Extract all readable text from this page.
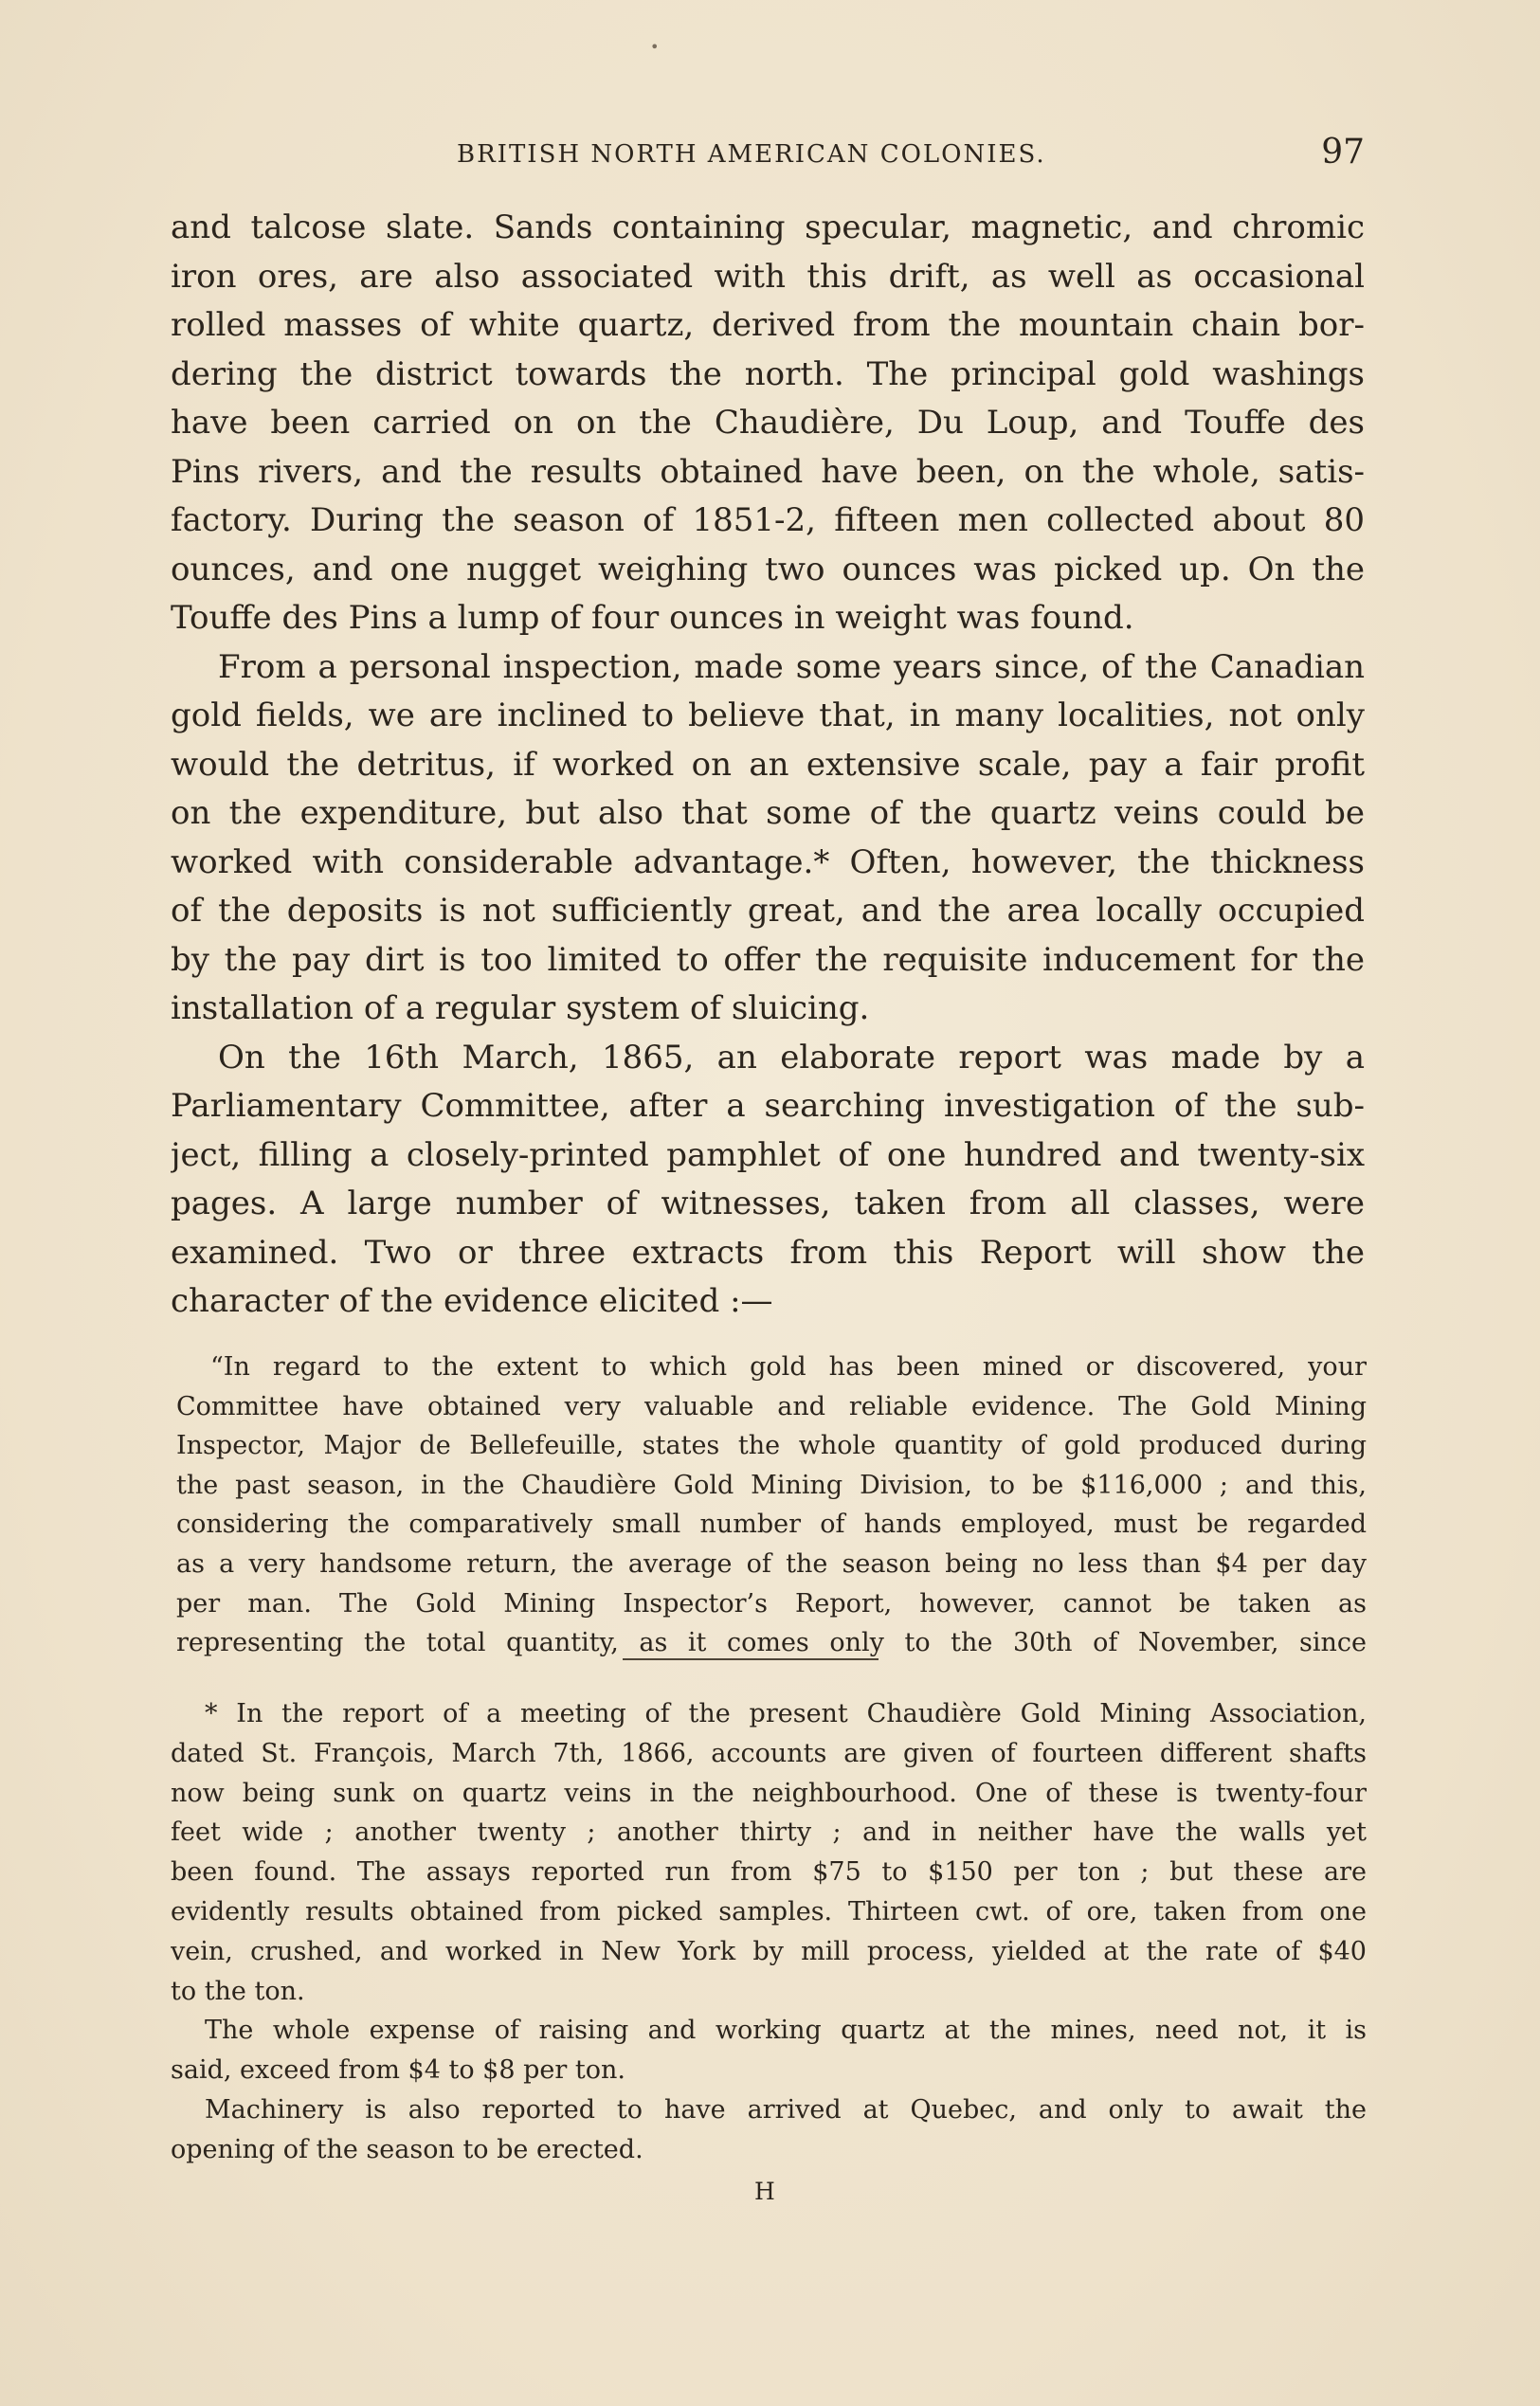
•
BRITISH NORTH AMERICAN COLONIES.	97
and talcose slate. Sands containing specular, magnetic, and chromic
iron ores, are also associated with this drift, as well as occasional
rolled masses of white quartz, derived from the mountain chain bor-
dering the district towards the north. The principal gold washings
have been carried on on the Chaudière, Du Loup, and Touffe des
Pins rivers, and the results obtained have been, on the whole, satis-
factory. During the season of 1851-2, fifteen men collected about 80
ounces, and one nugget weighing two ounces was picked up. On the
Touffe des Pins a lump of four ounces in weight was found.
From a personal inspection, made some years since, of the Canadian
gold fields, we are inclined to believe that, in many localities, not only
would the detritus, if worked on an extensive scale, pay a fair profit
on the expenditure, but also that some of the quartz veins could be
worked with considerable advantage.* Often, however, the thickness
of the deposits is not sufficiently great, and the area locally occupied
by the pay dirt is too limited to offer the requisite inducement for the
installation of a regular system of sluicing.
On the 16th March, 1865, an elaborate report was made by a
Parliamentary Committee, after a searching investigation of the sub-
ject, filling a closely-printed pamphlet of one hundred and twenty-six
pages. A large number of witnesses, taken from all classes, were
examined. Two or three extracts from this Report will show the
character of the evidence elicited :—
“In regard to the extent to which gold has been mined or discovered, your
Committee have obtained very valuable and reliable evidence. The Gold Mining
Inspector, Major de Bellefeuille, states the whole quantity of gold produced during
the past season, in the Chaudière Gold Mining Division, to be $116,000 ; and this,
considering the comparatively small number of hands employed, must be regarded
as a very handsome return, the average of the season being no less than $4 per day
per man. The Gold Mining Inspector’s Report, however, cannot be taken as
representing the total quantity, as it comes only to the 30th of November, since
* In the report of a meeting of the present Chaudière Gold Mining Association,
dated St. François, March 7th, 1866, accounts are given of fourteen different shafts
now being sunk on quartz veins in the neighbourhood. One of these is twenty-four
feet wide ; another twenty ; another thirty ; and in neither have the walls yet
been found. The assays reported run from $75 to $150 per ton ; but these are
evidently results obtained from picked samples. Thirteen cwt. of ore, taken from one
vein, crushed, and worked in New York by mill process, yielded at the rate of $40
to the ton.
The whole expense of raising and working quartz at the mines, need not, it is
said, exceed from $4 to $8 per ton.
Machinery is also reported to have arrived at Quebec, and only to await the
opening of the season to be erected.
H
